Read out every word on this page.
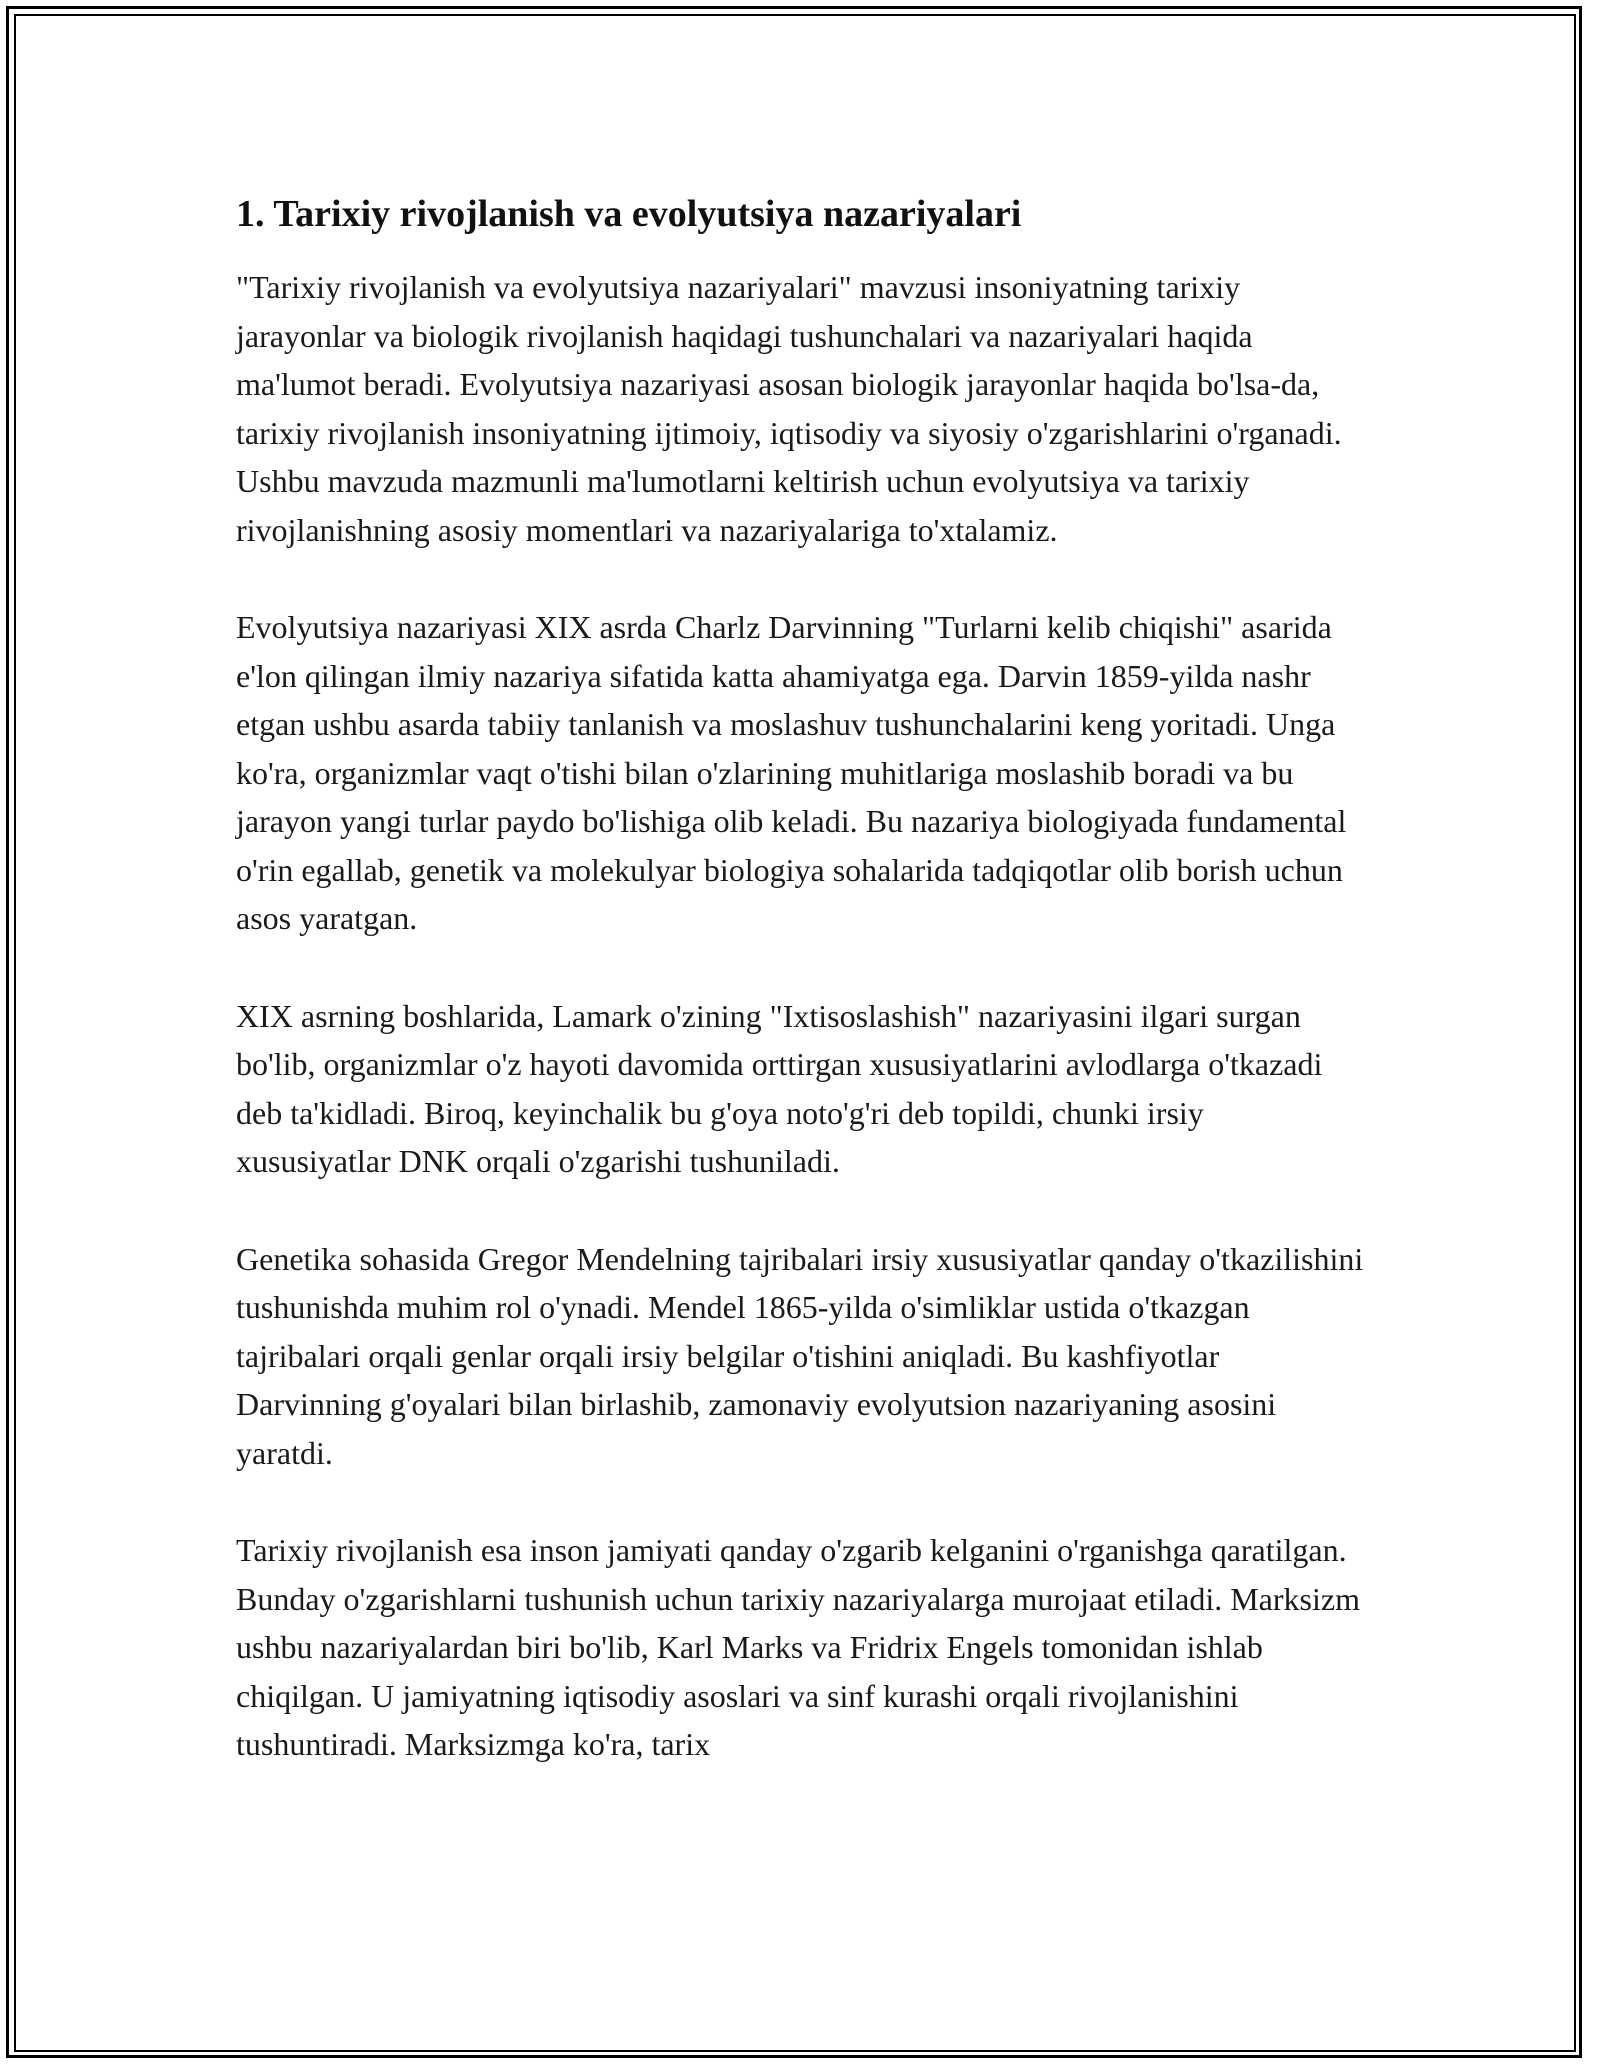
1. Tarixiy rivojlanish va evolyutsiya nazariyalari

"Tarixiy rivojlanish va evolyutsiya nazariyalari" mavzusi insoniyatning tarixiy jarayonlar va biologik rivojlanish haqidagi tushunchalari va nazariyalari haqida ma'lumot beradi. Evolyutsiya nazariyasi asosan biologik jarayonlar haqida bo'lsa-da, tarixiy rivojlanish insoniyatning ijtimoiy, iqtisodiy va siyosiy o'zgarishlarini o'rganadi. Ushbu mavzuda mazmunli ma'lumotlarni keltirish uchun evolyutsiya va tarixiy rivojlanishning asosiy momentlari va nazariyalariga to'xtalamiz.

Evolyutsiya nazariyasi XIX asrda Charlz Darvinning "Turlarni kelib chiqishi" asarida e'lon qilingan ilmiy nazariya sifatida katta ahamiyatga ega. Darvin 1859-yilda nashr etgan ushbu asarda tabiiy tanlanish va moslashuv tushunchalarini keng yoritadi. Unga ko'ra, organizmlar vaqt o'tishi bilan o'zlarining muhitlariga moslashib boradi va bu jarayon yangi turlar paydo bo'lishiga olib keladi. Bu nazariya biologiyada fundamental o'rin egallab, genetik va molekulyar biologiya sohalarida tadqiqotlar olib borish uchun asos yaratgan.

XIX asrning boshlarida, Lamark o'zining "Ixtisoslashish" nazariyasini ilgari surgan bo'lib, organizmlar o'z hayoti davomida orttirgan xususiyatlarini avlodlarga o'tkazadi deb ta'kidladi. Biroq, keyinchalik bu g'oya noto'g'ri deb topildi, chunki irsiy xususiyatlar DNK orqali o'zgarishi tushuniladi.

Genetika sohasida Gregor Mendelning tajribalari irsiy xususiyatlar qanday o'tkazilishini tushunishda muhim rol o'ynadi. Mendel 1865-yilda o'simliklar ustida o'tkazgan tajribalari orqali genlar orqali irsiy belgilar o'tishini aniqladi. Bu kashfiyotlar Darvinning g'oyalari bilan birlashib, zamonaviy evolyutsion nazariyaning asosini yaratdi.

Tarixiy rivojlanish esa inson jamiyati qanday o'zgarib kelganini o'rganishga qaratilgan. Bunday o'zgarishlarni tushunish uchun tarixiy nazariyalarga murojaat etiladi. Marksizm ushbu nazariyalardan biri bo'lib, Karl Marks va Fridrix Engels tomonidan ishlab chiqilgan. U jamiyatning iqtisodiy asoslari va sinf kurashi orqali rivojlanishini tushuntiradi. Marksizmga ko'ra, tarix
